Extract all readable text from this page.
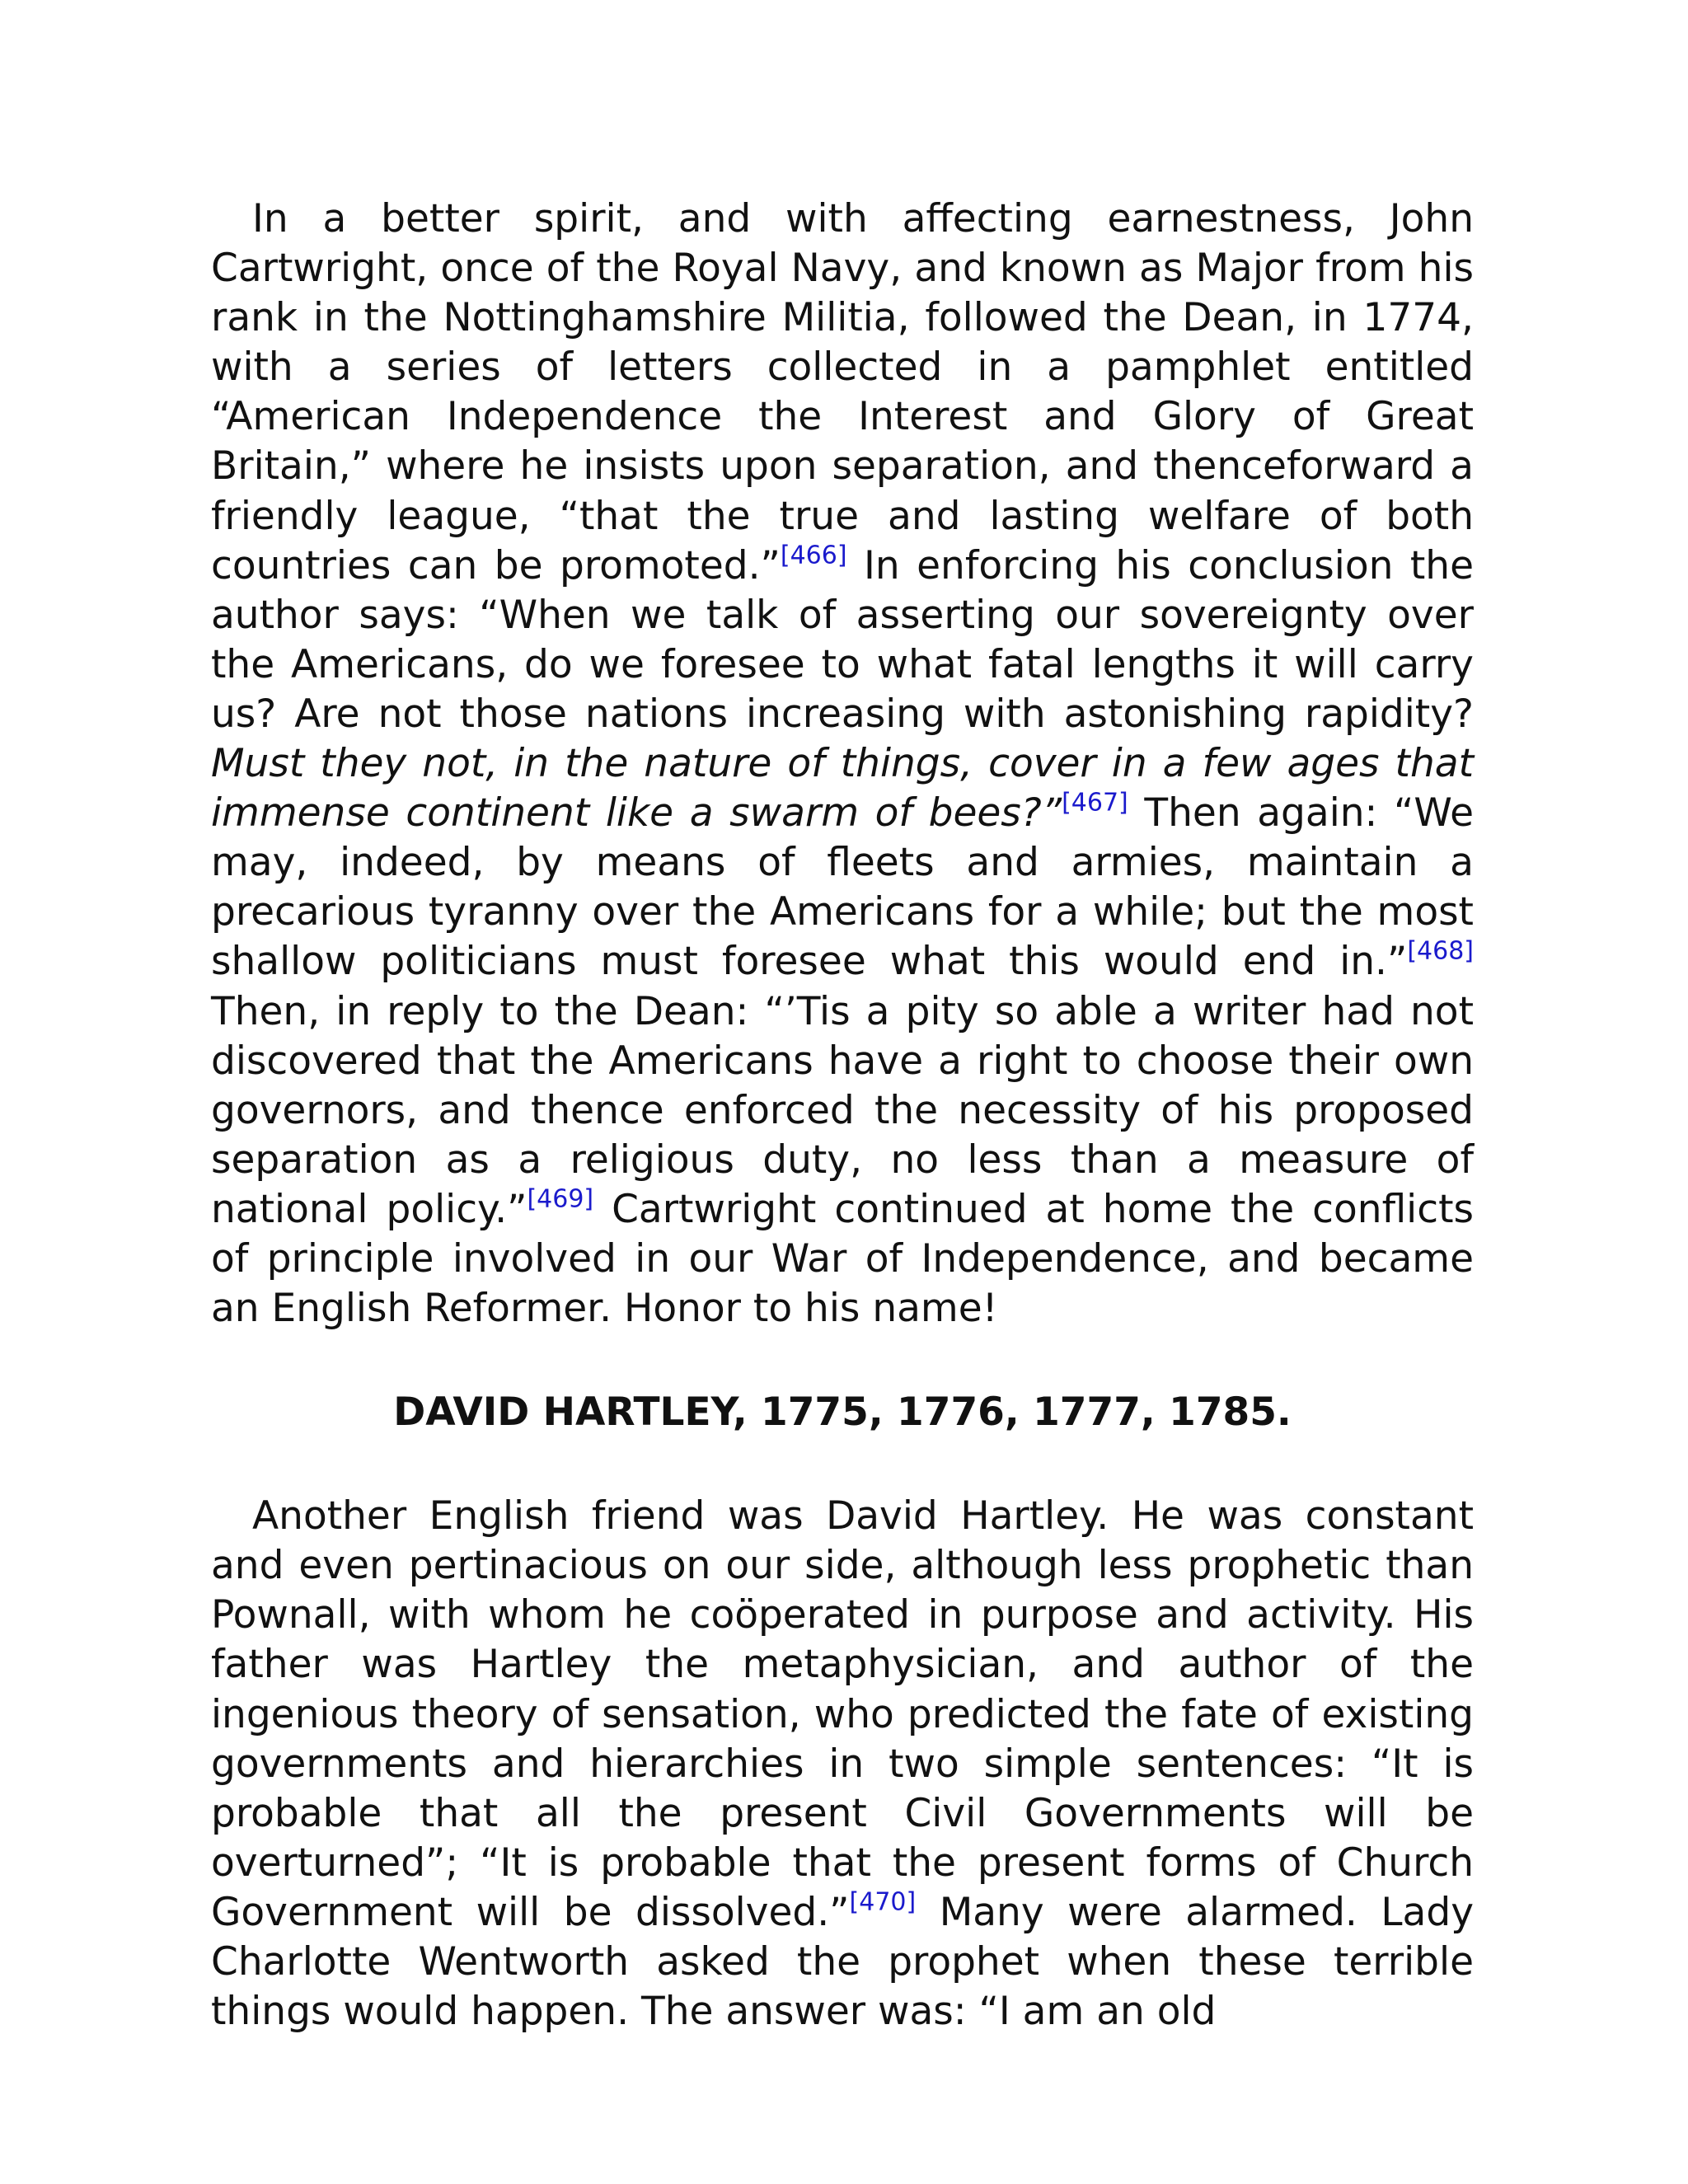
In a better spirit, and with affecting earnestness, John Cartwright, once of the Royal Navy, and known as Major from his rank in the Nottinghamshire Militia, followed the Dean, in 1774, with a series of letters collected in a pamphlet entitled “American Independence the Interest and Glory of Great Britain,” where he insists upon separation, and thenceforward a friendly league, “that the true and lasting welfare of both countries can be promoted.”[466] In enforcing his conclusion the author says: “When we talk of asserting our sovereignty over the Americans, do we foresee to what fatal lengths it will carry us? Are not those nations increasing with astonishing rapidity? Must they not, in the nature of things, cover in a few ages that immense continent like a swarm of bees?”[467] Then again: “We may, indeed, by means of fleets and armies, maintain a precarious tyranny over the Americans for a while; but the most shallow politicians must foresee what this would end in.”[468] Then, in reply to the Dean: “’Tis a pity so able a writer had not discovered that the Americans have a right to choose their own governors, and thence enforced the necessity of his proposed separation as a religious duty, no less than a measure of national policy.”[469] Cartwright continued at home the conflicts of principle involved in our War of Independence, and became an English Reformer. Honor to his name!

DAVID HARTLEY, 1775, 1776, 1777, 1785.

Another English friend was David Hartley. He was constant and even pertinacious on our side, although less prophetic than Pownall, with whom he coöperated in purpose and activity. His father was Hartley the metaphysician, and author of the ingenious theory of sensation, who predicted the fate of existing governments and hierarchies in two simple sentences: “It is probable that all the present Civil Governments will be overturned”; “It is probable that the present forms of Church Government will be dissolved.”[470] Many were alarmed. Lady Charlotte Wentworth asked the prophet when these terrible things would happen. The answer was: “I am an old
